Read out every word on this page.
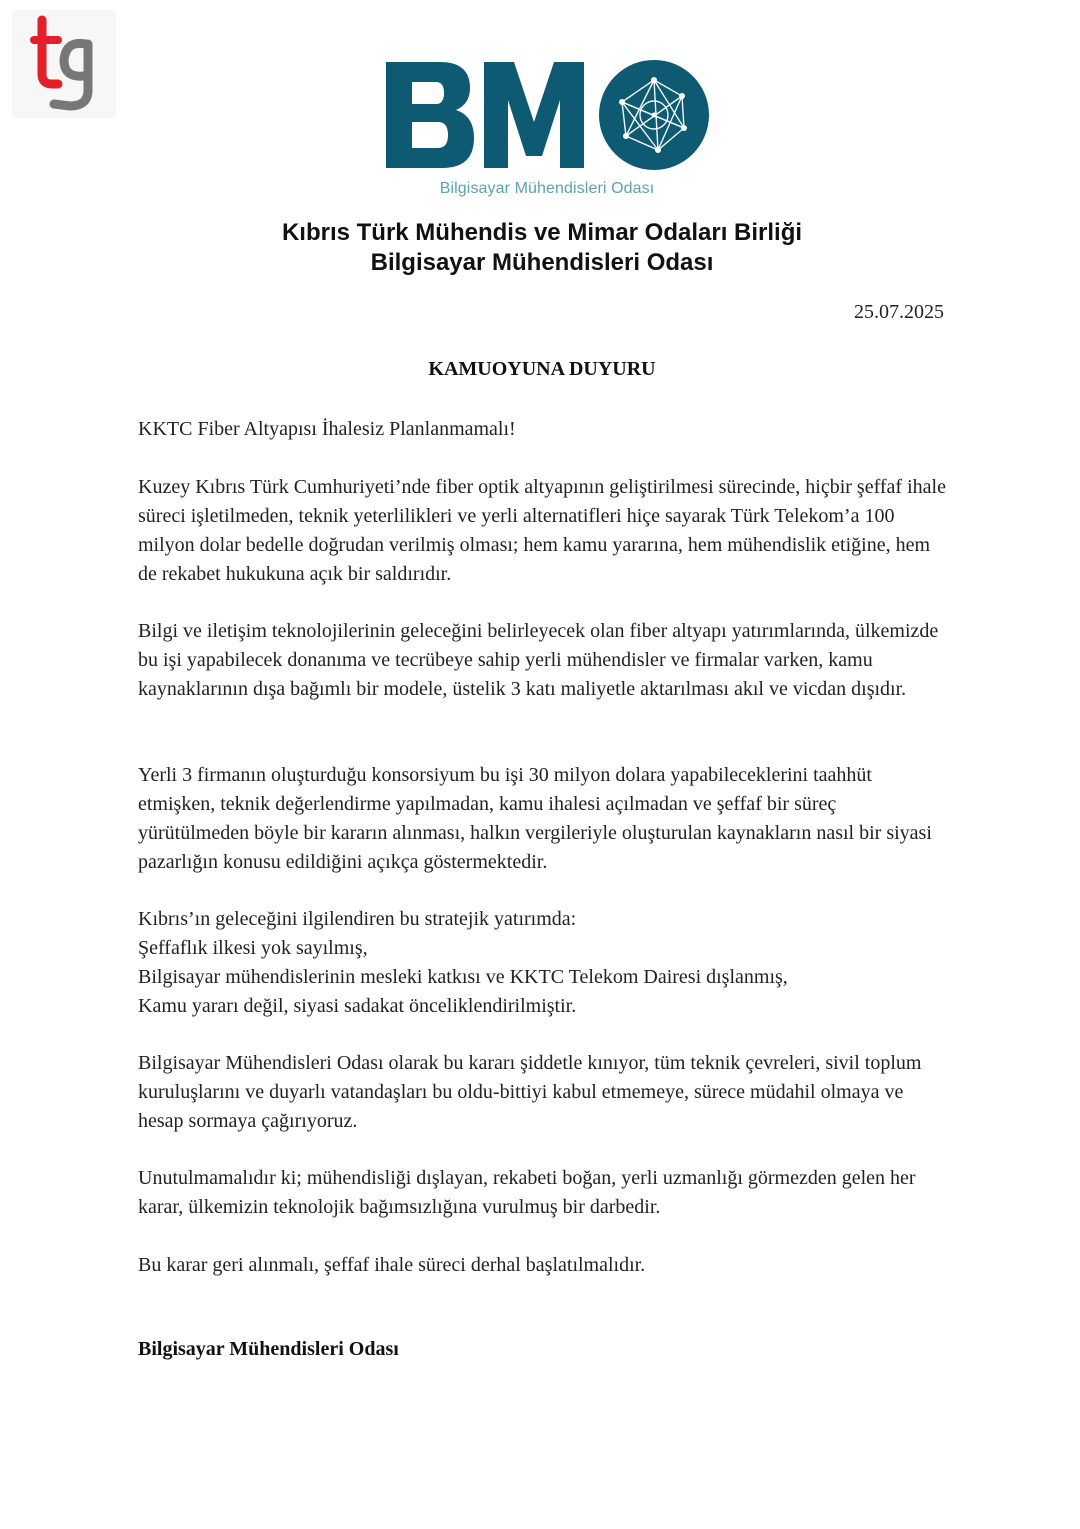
Bilgisayar Mühendisleri Odası
Kıbrıs Türk Mühendis ve Mimar Odaları Birliği
Bilgisayar Mühendisleri Odası
25.07.2025
KAMUOYUNA DUYURU

KKTC Fiber Altyapısı İhalesiz Planlanmamalı!

Kuzey Kıbrıs Türk Cumhuriyeti’nde fiber optik altyapının geliştirilmesi sürecinde, hiçbir şeffaf ihale süreci işletilmeden, teknik yeterlilikleri ve yerli alternatifleri hiçe sayarak Türk Telekom’a 100 milyon dolar bedelle doğrudan verilmiş olması; hem kamu yararına, hem mühendislik etiğine, hem de rekabet hukukuna açık bir saldırıdır.

Bilgi ve iletişim teknolojilerinin geleceğini belirleyecek olan fiber altyapı yatırımlarında, ülkemizde bu işi yapabilecek donanıma ve tecrübeye sahip yerli mühendisler ve firmalar varken, kamu kaynaklarının dışa bağımlı bir modele, üstelik 3 katı maliyetle aktarılması akıl ve vicdan dışıdır.

Yerli 3 firmanın oluşturduğu konsorsiyum bu işi 30 milyon dolara yapabileceklerini taahhüt etmişken, teknik değerlendirme yapılmadan, kamu ihalesi açılmadan ve şeffaf bir süreç yürütülmeden böyle bir kararın alınması, halkın vergileriyle oluşturulan kaynakların nasıl bir siyasi pazarlığın konusu edildiğini açıkça göstermektedir.

Kıbrıs’ın geleceğini ilgilendiren bu stratejik yatırımda:

Şeffaflık ilkesi yok sayılmış,

Bilgisayar mühendislerinin mesleki katkısı ve KKTC Telekom Dairesi dışlanmış,

Kamu yararı değil, siyasi sadakat önceliklendirilmiştir.

Bilgisayar Mühendisleri Odası olarak bu kararı şiddetle kınıyor, tüm teknik çevreleri, sivil toplum kuruluşlarını ve duyarlı vatandaşları bu oldu-bittiyi kabul etmemeye, sürece müdahil olmaya ve hesap sormaya çağırıyoruz.

Unutulmamalıdır ki; mühendisliği dışlayan, rekabeti boğan, yerli uzmanlığı görmezden gelen her karar, ülkemizin teknolojik bağımsızlığına vurulmuş bir darbedir.

Bu karar geri alınmalı, şeffaf ihale süreci derhal başlatılmalıdır.

Bilgisayar Mühendisleri Odası
